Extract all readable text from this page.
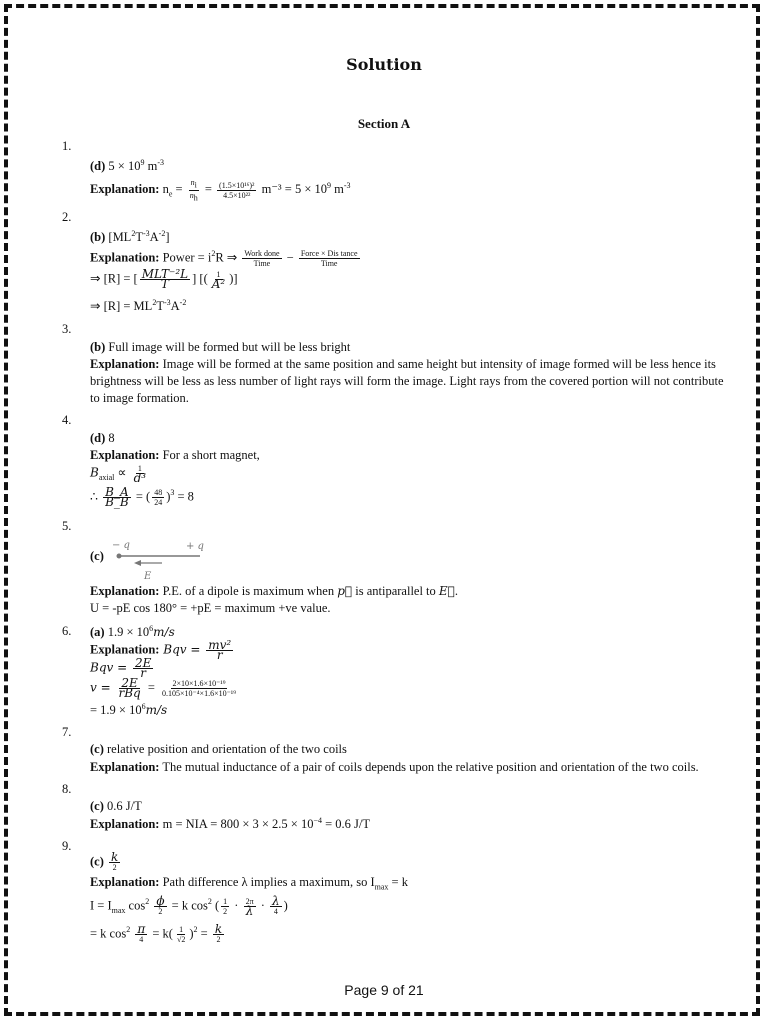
Solution
Section A
1.
(d) $5 \times 10^9$ $m^{-3}$
Explanation: $n_e = \frac{n_i}{n_h} = \frac{\text{(1.5×10¹⁶)²}}{\text{4.5×10²²}} m^{-3} = 5 \times 10^9$ $m^{-3}$
2.
(b) $[ML^2T^{-3}A^{-2}]$
Explanation: Power = $i^2R$ ⇒ $\frac{\text{Work done}}{\text{Time}} - \frac{\text{Force × Dis tance}}{\text{Time}}$
⇒ [R] = [ $\frac{\text{MLT⁻²L}}{T}$ ] [( $\frac{1}{\text{A²}}$ )]
⇒ $[R] = ML^2T^{-3}A^{-2}$
3.
(b) Full image will be formed but will be less bright
Explanation: Image will be formed at the same position and same height but intensity of image formed will be less hence its brightness will be less as less number of light rays will form the image. Light rays from the covered portion will not contribute to image formation.
4.
(d) 8
Explanation: For a short magnet,
$B_{axial} \propto \frac{1}{\text{d³}}$
∴ $\frac{B\_A}{B\_B}$ = ( $\frac{48}{24} )^3 = 8$
5.
(c)
− q	+ q
E
Explanation: P.E. of a dipole is maximum when p⃗ is antiparallel to E⃗.
U = -pE cos 180° = +pE = maximum +ve value.
6. (a) $1.9 \times 10^6m/s$
Explanation: Bqv = $\frac{\text{mv²}}{r}$
Bqv = $\frac{2E}{r}$
$v = \frac{2E}{\text{rBq}} = \frac{\text{2×10×1.6×10⁻¹⁹}}{\text{0.105×10⁻⁴×1.6×10⁻¹⁹}}$
= $1.9 \times 10^6m/s$
7.
(c) relative position and orientation of the two coils
Explanation: The mutual inductance of a pair of coils depends upon the relative position and orientation of the two coils.
8.
(c) 0.6 J/T
Explanation: m = NIA = $800 \times 3 \times 2.5 \times 10^{-4} = 0.6$ J/T
9.
$(c) \frac{k}{2}$
Explanation: Path difference λ implies a maximum, so $I_{max} = k$
$I = I_{max}$ $\cos^2 \frac{\phi}{2} = k$ $\cos^2$ ( $\frac{1}{2} \cdot \frac{2\pi}{\lambda} \cdot \frac{\lambda}{4}$ )
= k $\cos^2 \frac{\pi}{4} = k( \frac{1}{√2} )^2 = \frac{k}{2}$
Page 9 of 21
